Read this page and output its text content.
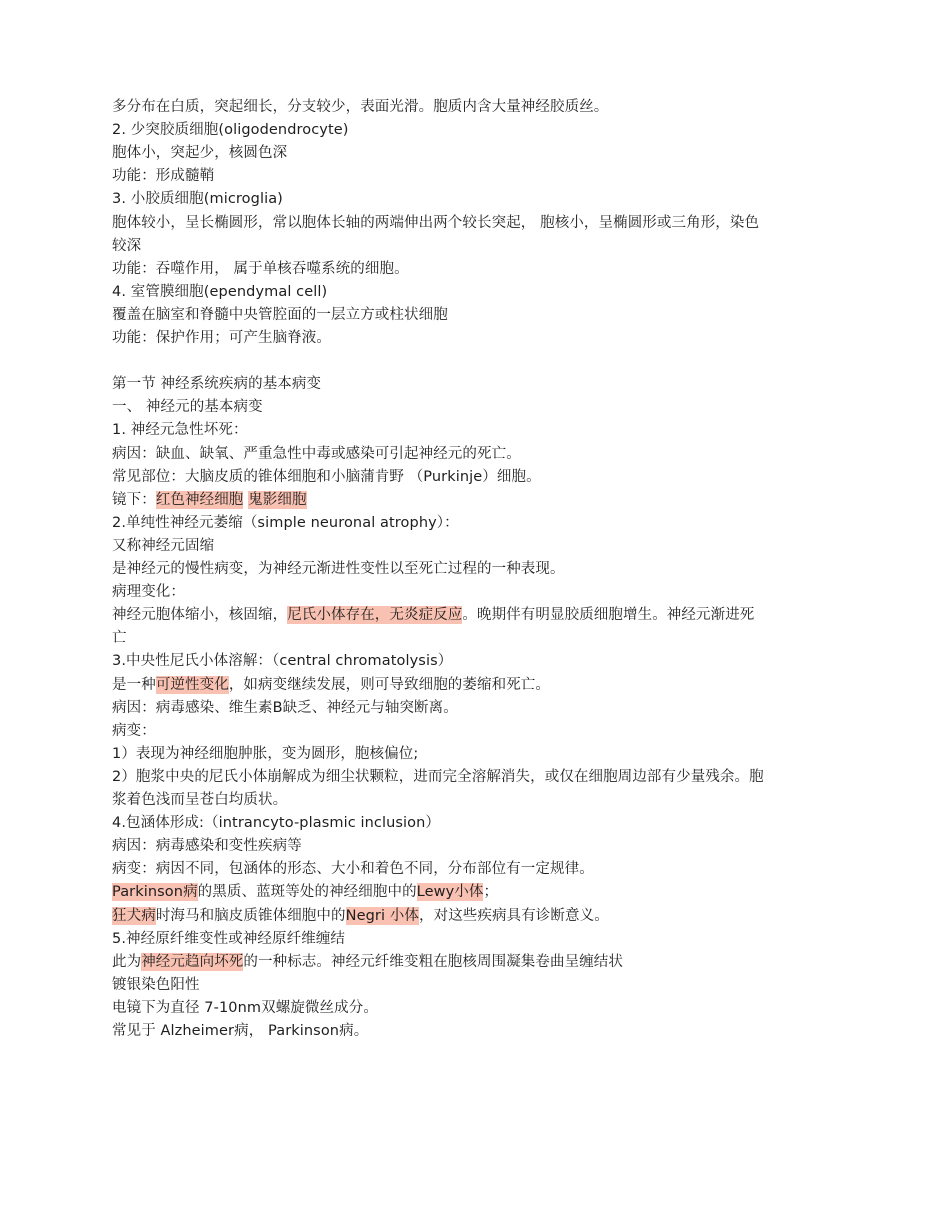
多分布在白质，突起细长，分支较少，表面光滑。胞质内含大量神经胶质丝。
2. 少突胶质细胞(oligodendrocyte)
胞体小，突起少，核圆色深
功能：形成髓鞘
3. 小胶质细胞(microglia)
胞体较小，呈长椭圆形，常以胞体长轴的两端伸出两个较长突起， 胞核小，呈椭圆形或三角形，染色
较深
功能：吞噬作用， 属于单核吞噬系统的细胞。
4. 室管膜细胞(ependymal cell)
覆盖在脑室和脊髓中央管腔面的一层立方或柱状细胞
功能：保护作用；可产生脑脊液。
第一节 神经系统疾病的基本病变
一、 神经元的基本病变
1. 神经元急性坏死：
病因：缺血、缺氧、严重急性中毒或感染可引起神经元的死亡。
常见部位：大脑皮质的锥体细胞和小脑蒲肯野 （Purkinje）细胞。
镜下：红色神经细胞 鬼影细胞
2.单纯性神经元萎缩（simple neuronal atrophy）：
又称神经元固缩
是神经元的慢性病变，为神经元渐进性变性以至死亡过程的一种表现。
病理变化：
神经元胞体缩小，核固缩，尼氏小体存在，无炎症反应。晚期伴有明显胶质细胞增生。神经元渐进死
亡
3.中央性尼氏小体溶解：（central chromatolysis）
是一种可逆性变化，如病变继续发展，则可导致细胞的萎缩和死亡。
病因：病毒感染、维生素B缺乏、神经元与轴突断离。
病变：
1）表现为神经细胞肿胀，变为圆形，胞核偏位;
2）胞浆中央的尼氏小体崩解成为细尘状颗粒，进而完全溶解消失，或仅在细胞周边部有少量残余。胞
浆着色浅而呈苍白均质状。
4.包涵体形成:（intrancyto-plasmic inclusion）
病因：病毒感染和变性疾病等
病变：病因不同，包涵体的形态、大小和着色不同，分布部位有一定规律。
Parkinson病的黑质、蓝斑等处的神经细胞中的Lewy小体；
狂犬病时海马和脑皮质锥体细胞中的Negri 小体，对这些疾病具有诊断意义。
5.神经原纤维变性或神经原纤维缠结
此为神经元趋向坏死的一种标志。神经元纤维变粗在胞核周围凝集卷曲呈缠结状
镀银染色阳性
电镜下为直径 7-10nm双螺旋微丝成分。
常见于 Alzheimer病， Parkinson病。
